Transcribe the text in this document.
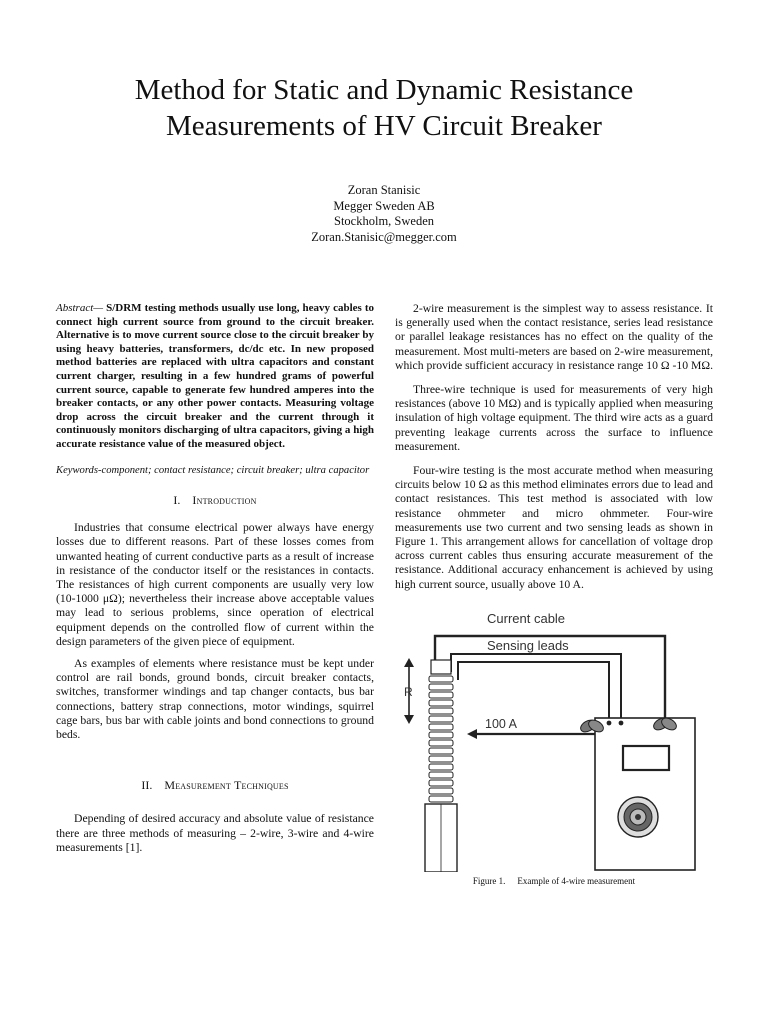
Method for Static and Dynamic Resistance
Measurements of HV Circuit Breaker
Zoran Stanisic
Megger Sweden AB
Stockholm, Sweden
Zoran.Stanisic@megger.com

Abstract— S/DRM testing methods usually use long, heavy cables to connect high current source from ground to the circuit breaker. Alternative is to move current source close to the circuit breaker by using heavy batteries, transformers, dc/dc etc. In new proposed method batteries are replaced with ultra capacitors and constant current charger, resulting in a few hundred grams of powerful current source, capable to generate few hundred amperes into the breaker contacts, or any other power contacts. Measuring voltage drop across the circuit breaker and the current through it continuously monitors discharging of ultra capacitors, giving a high accurate resistance value of the measured object.

Keywords-component; contact resistance; circuit breaker; ultra capacitor

I. Introduction

Industries that consume electrical power always have energy losses due to different reasons. Part of these losses comes from unwanted heating of current conductive parts as a result of increase in resistance of the conductor itself or the resistances in contacts. The resistances of high current components are usually very low (10-1000 μΩ); nevertheless their increase above acceptable values may lead to serious problems, since operation of electrical equipment depends on the controlled flow of current within the design parameters of the given piece of equipment.

As examples of elements where resistance must be kept under control are rail bonds, ground bonds, circuit breaker contacts, switches, transformer windings and tap changer contacts, bus bar connections, battery strap connections, motor windings, squirrel cage bars, bus bar with cable joints and bond connections to ground beds.

II. Measurement Techniques

Depending of desired accuracy and absolute value of resistance there are three methods of measuring – 2-wire, 3-wire and 4-wire measurements [1].

2-wire measurement is the simplest way to assess resistance. It is generally used when the contact resistance, series lead resistance or parallel leakage resistances has no effect on the quality of the measurement. Most multi-meters are based on 2-wire measurement, which provide sufficient accuracy in resistance range 10 Ω -10 MΩ.

Three-wire technique is used for measurements of very high resistances (above 10 MΩ) and is typically applied when measuring insulation of high voltage equipment. The third wire acts as a guard preventing leakage currents across the surface to influence measurement.

Four-wire testing is the most accurate method when measuring circuits below 10 Ω as this method eliminates errors due to lead and contact resistances. This test method is associated with low resistance ohmmeter and micro ohmmeter. Four-wire measurements use two current and two sensing leads as shown in Figure 1. This arrangement allows for cancellation of voltage drop across current cables thus ensuring accurate measurement of the resistance. Additional accuracy enhancement is achieved by using high current source, usually above 10 A.

Current cable
Sensing leads
100 A
R
Figure 1. Example of 4-wire measurement
